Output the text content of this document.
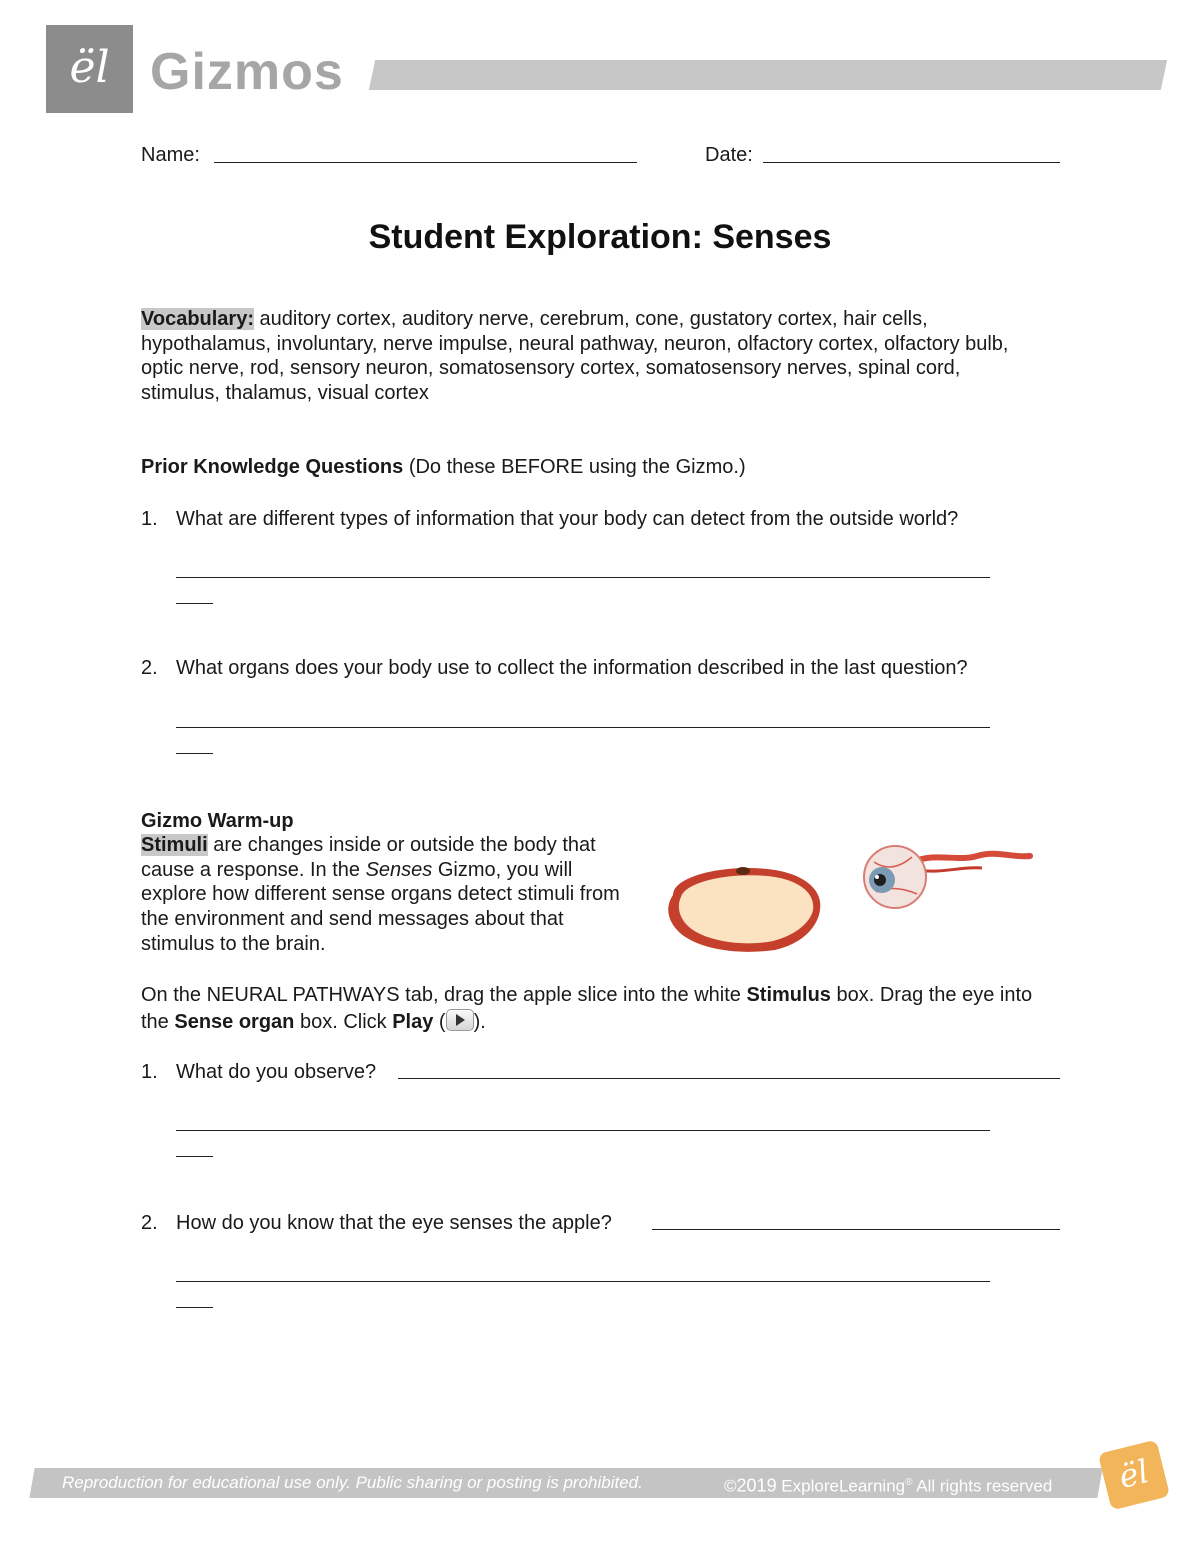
ël Gizmos
Name:	Date:
Student Exploration: Senses
Vocabulary: auditory cortex, auditory nerve, cerebrum, cone, gustatory cortex, hair cells, hypothalamus, involuntary, nerve impulse, neural pathway, neuron, olfactory cortex, olfactory bulb, optic nerve, rod, sensory neuron, somatosensory cortex, somatosensory nerves, spinal cord, stimulus, thalamus, visual cortex
Prior Knowledge Questions (Do these BEFORE using the Gizmo.)
1. What are different types of information that your body can detect from the outside world?
2. What organs does your body use to collect the information described in the last question?
Gizmo Warm-up
Stimuli are changes inside or outside the body that cause a response. In the Senses Gizmo, you will explore how different sense organs detect stimuli from the environment and send messages about that stimulus to the brain.
On the NEURAL PATHWAYS tab, drag the apple slice into the white Stimulus box. Drag the eye into the Sense organ box. Click Play ( ).
1. What do you observe?
2. How do you know that the eye senses the apple?
Reproduction for educational use only. Public sharing or posting is prohibited.	©2019 ExploreLearning® All rights reserved	ël
